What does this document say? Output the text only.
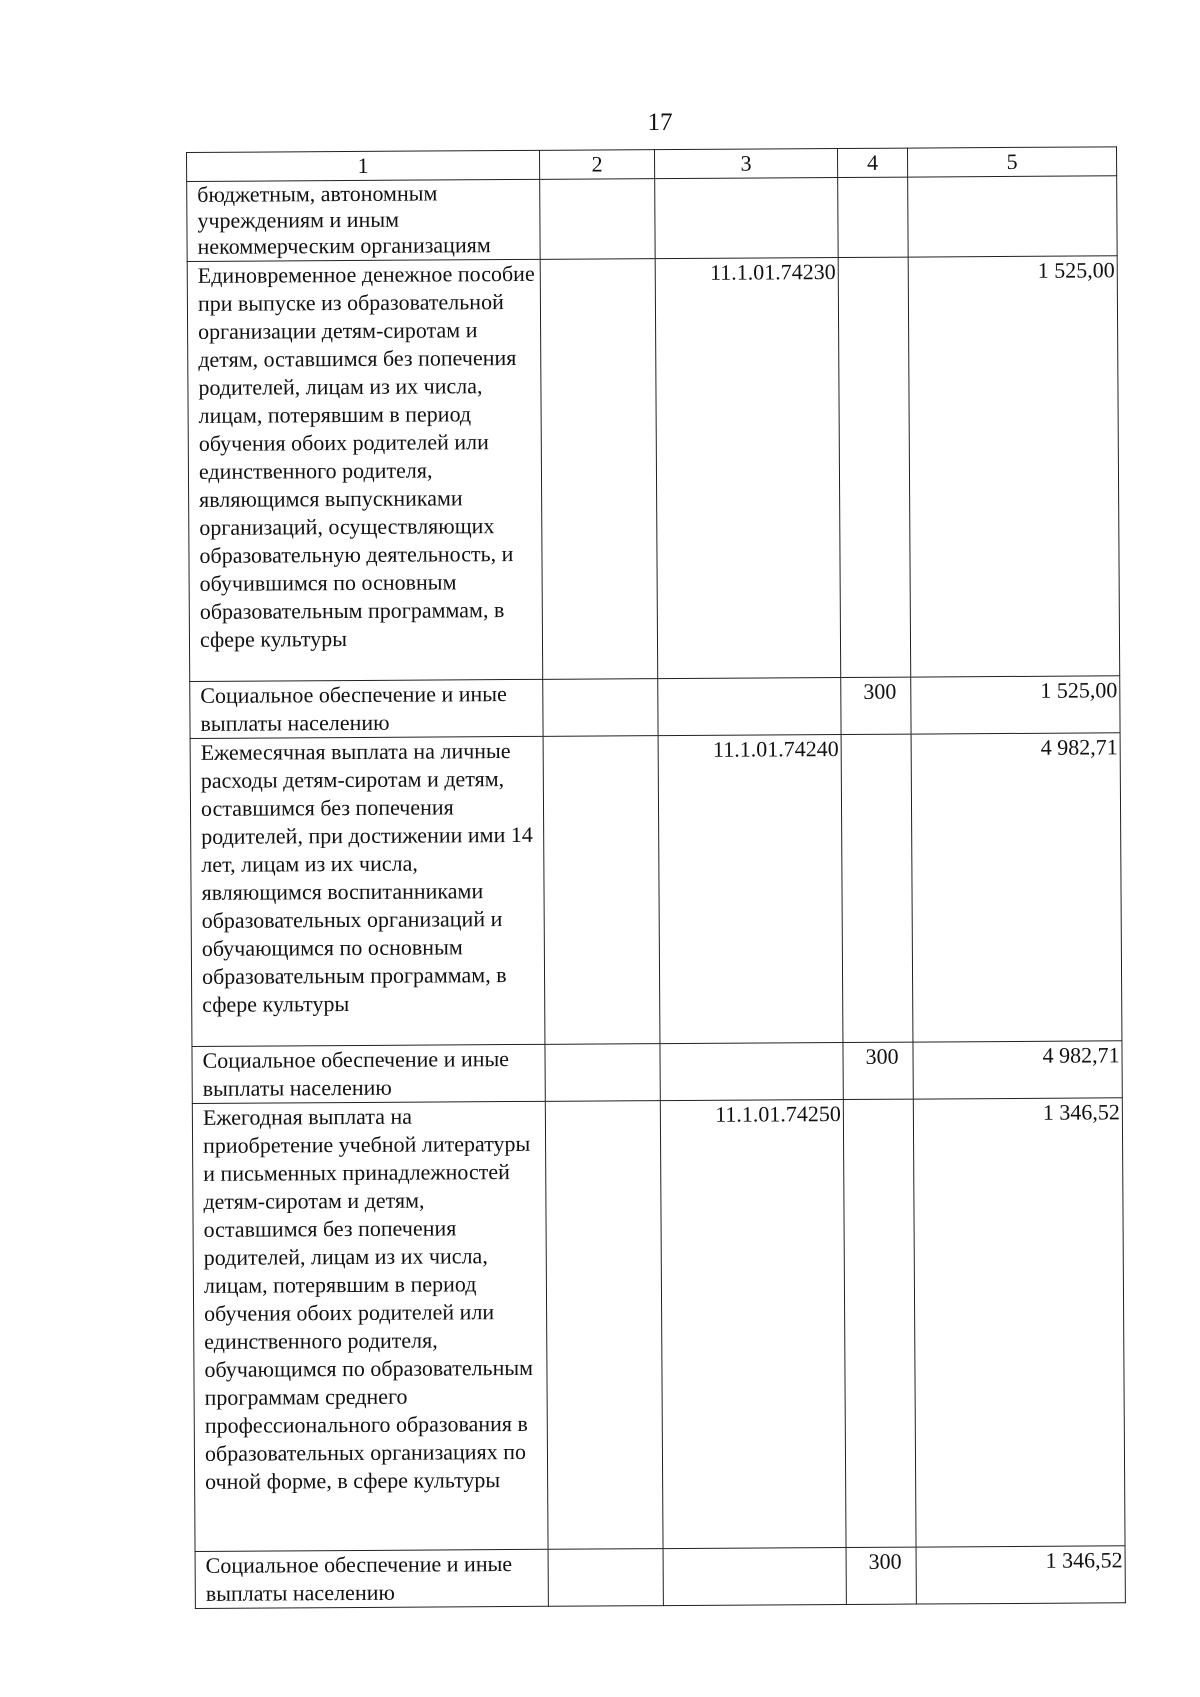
17
1	2	3	4	5
бюджетным, автономным учреждениям и иным некоммерческим организациям				
Единовременное денежное пособие при выпуске из образовательной организации детям-сиротам и детям, оставшимся без попечения родителей, лицам из их числа, лицам, потерявшим в период обучения обоих родителей или единственного родителя, являющимся выпускниками организаций, осуществляющих образовательную деятельность, и обучившимся по основным образовательным программам, в сфере культуры		11.1.01.74230		1 525,00
Социальное обеспечение и иные выплаты населению			300	1 525,00
Ежемесячная выплата на личные расходы детям-сиротам и детям, оставшимся без попечения родителей, при достижении ими 14 лет, лицам из их числа, являющимся воспитанниками образовательных организаций и обучающимся по основным образовательным программам, в сфере культуры		11.1.01.74240		4 982,71
Социальное обеспечение и иные выплаты населению			300	4 982,71
Ежегодная выплата на приобретение учебной литературы и письменных принадлежностей детям-сиротам и детям, оставшимся без попечения родителей, лицам из их числа, лицам, потерявшим в период обучения обоих родителей или единственного родителя, обучающимся по образовательным программам среднего профессионального образования в образовательных организациях по очной форме, в сфере культуры		11.1.01.74250		1 346,52
Социальное обеспечение и иные выплаты населению			300	1 346,52
